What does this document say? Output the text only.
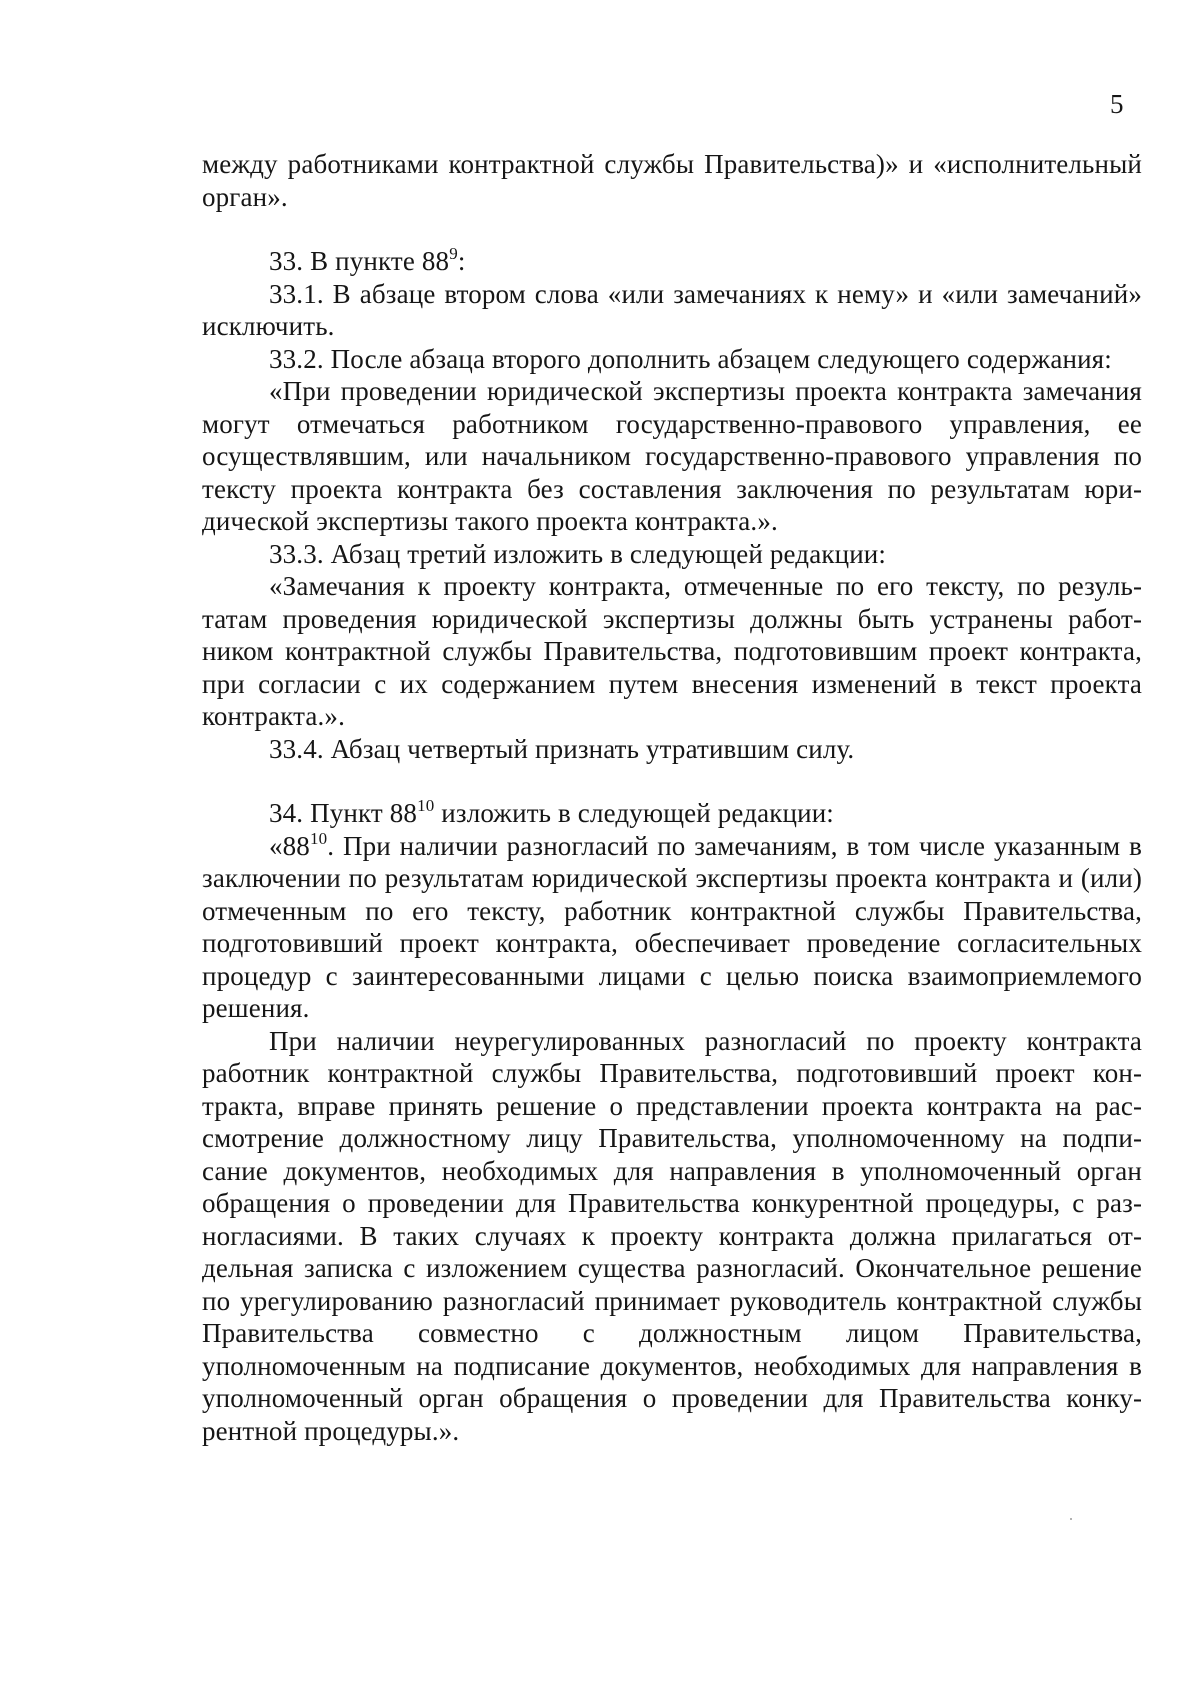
5

между работниками контрактной службы Правительства)» и «исполнительный орган».

33. В пункте $88^9$:

33.1. В абзаце втором слова «или замечаниях к нему» и «или замечаний» исключить.

33.2. После абзаца второго дополнить абзацем следующего содержания:

«При проведении юридической экспертизы проекта контракта замечания могут отмечаться работником государственно-правового управления, ее осуществлявшим, или начальником государственно-правового управления по тексту проекта контракта без составления заключения по результатам юридической экспертизы такого проекта контракта.».

33.3. Абзац третий изложить в следующей редакции:

«Замечания к проекту контракта, отмеченные по его тексту, по результатам проведения юридической экспертизы должны быть устранены работником контрактной службы Правительства, подготовившим проект контракта, при согласии с их содержанием путем внесения изменений в текст проекта контракта.».

33.4. Абзац четвертый признать утратившим силу.

34. Пункт $88^{10}$ изложить в следующей редакции:

«$88^{10}$. При наличии разногласий по замечаниям, в том числе указанным в заключении по результатам юридической экспертизы проекта контракта и (или) отмеченным по его тексту, работник контрактной службы Правительства, подготовивший проект контракта, обеспечивает проведение согласительных процедур с заинтересованными лицами с целью поиска взаимоприемлемого решения.

При наличии неурегулированных разногласий по проекту контракта работник контрактной службы Правительства, подготовивший проект контракта, вправе принять решение о представлении проекта контракта на рассмотрение должностному лицу Правительства, уполномоченному на подписание документов, необходимых для направления в уполномоченный орган обращения о проведении для Правительства конкурентной процедуры, с разногласиями. В таких случаях к проекту контракта должна прилагаться отдельная записка с изложением существа разногласий. Окончательное решение по урегулированию разногласий принимает руководитель контрактной службы Правительства совместно с должностным лицом Правительства, уполномоченным на подписание документов, необходимых для направления в уполномоченный орган обращения о проведении для Правительства конкурентной процедуры.».
